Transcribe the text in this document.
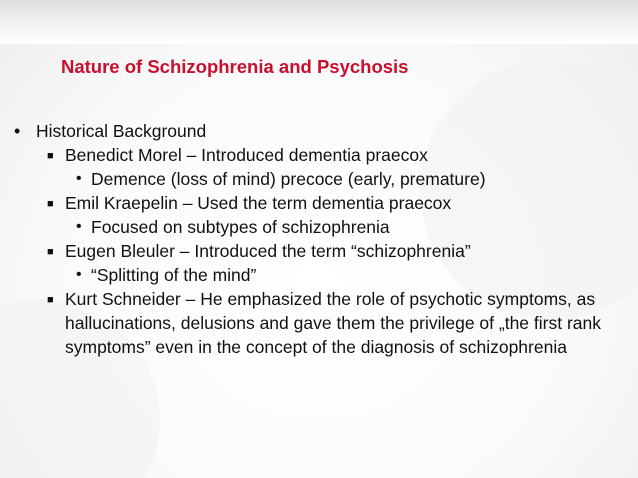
Nature of Schizophrenia and Psychosis
• Historical Background
■ Benedict Morel – Introduced dementia praecox
• Demence (loss of mind) precoce (early, premature)
■ Emil Kraepelin – Used the term dementia praecox
• Focused on subtypes of schizophrenia
■ Eugen Bleuler – Introduced the term “schizophrenia”
• “Splitting of the mind”
■ Kurt Schneider – He emphasized the role of psychotic symptoms, as hallucinations, delusions and gave them the privilege of „the first rank symptoms” even in the concept of the diagnosis of schizophrenia
